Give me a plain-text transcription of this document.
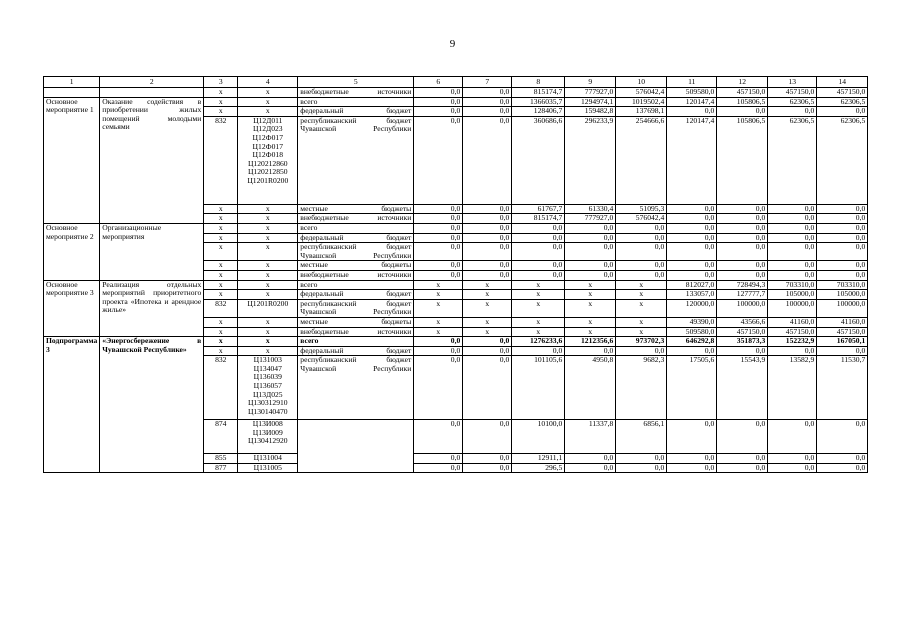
9
1	2	3	4	5	6	7	8	9	10	11	12	13	14
		х	х	внебюджетные источники	0,0	0,0	815174,7	777927,0	576042,4	509580,0	457150,0	457150,0	457150,0
Основное мероприятие 1	Оказание содействия в приобретении жилых помещений молодыми семьями	х	х	всего	0,0	0,0	1366035,7	1294974,1	1019502,4	120147,4	105806,5	62306,5	62306,5
		х	х	федеральный бюджет	0,0	0,0	128406,7	159482,8	137698,1	0,0	0,0	0,0	0,0
		832	Ц12Д011 Ц12Д023 Ц12Ф017 Ц12Ф017 Ц12Ф018 Ц120212860 Ц120212850 Ц1201R0200	республиканский бюджет Чувашской Республики	0,0	0,0	360686,6	296233,9	254666,6	120147,4	105806,5	62306,5	62306,5
		х	х	местные бюджеты	0,0	0,0	61767,7	61330,4	51095,3	0,0	0,0	0,0	0,0
		х	х	внебюджетные источники	0,0	0,0	815174,7	777927,0	576042,4	0,0	0,0	0,0	0,0
Основное мероприятие 2	Организационные мероприятия	х	х	всего	0,0	0,0	0,0	0,0	0,0	0,0	0,0	0,0	0,0
		х	х	федеральный бюджет	0,0	0,0	0,0	0,0	0,0	0,0	0,0	0,0	0,0
		х	х	республиканский бюджет Чувашской Республики	0,0	0,0	0,0	0,0	0,0	0,0	0,0	0,0	0,0
		х	х	местные бюджеты	0,0	0,0	0,0	0,0	0,0	0,0	0,0	0,0	0,0
		х	х	внебюджетные источники	0,0	0,0	0,0	0,0	0,0	0,0	0,0	0,0	0,0
Основное мероприятие 3	Реализация отдельных мероприятий приоритетного проекта «Ипотека и арендное жилье»	х	х	всего	х	х	х	х	х	812027,0	728494,3	703310,0	703310,0
		х	х	федеральный бюджет	х	х	х	х	х	133057,0	127777,7	105000,0	105000,0
		832	Ц1201R0200	республиканский бюджет Чувашской Республики	х	х	х	х	х	120000,0	100000,0	100000,0	100000,0
		х	х	местные бюджеты	х	х	х	х	х	49390,0	43566,6	41160,0	41160,0
		х	х	внебюджетные источники	х	х	х	х	х	509580,0	457150,0	457150,0	457150,0
Подпрограмма 3	«Энергосбережение в Чувашской Республике»	х	х	всего	0,0	0,0	1276233,6	1212356,6	973702,3	646292,8	351873,3	152232,9	167050,1
		х	х	федеральный бюджет	0,0	0,0	0,0	0,0	0,0	0,0	0,0	0,0	0,0
		832	Ц131003 Ц134047 Ц136039 Ц136057 Ц13Д025 Ц130312910 Ц130140470	республиканский бюджет Чувашской Республики	0,0	0,0	101105,6	4950,8	9682,3	17505,6	15543,9	13582,9	11530,7
		874	Ц13И008 Ц13И009 Ц130412920		0,0	0,0	10100,0	11337,8	6856,1	0,0	0,0	0,0	0,0
		855	Ц131004		0,0	0,0	12911,1	0,0	0,0	0,0	0,0	0,0	0,0
		877	Ц131005		0,0	0,0	296,5	0,0	0,0	0,0	0,0	0,0	0,0
